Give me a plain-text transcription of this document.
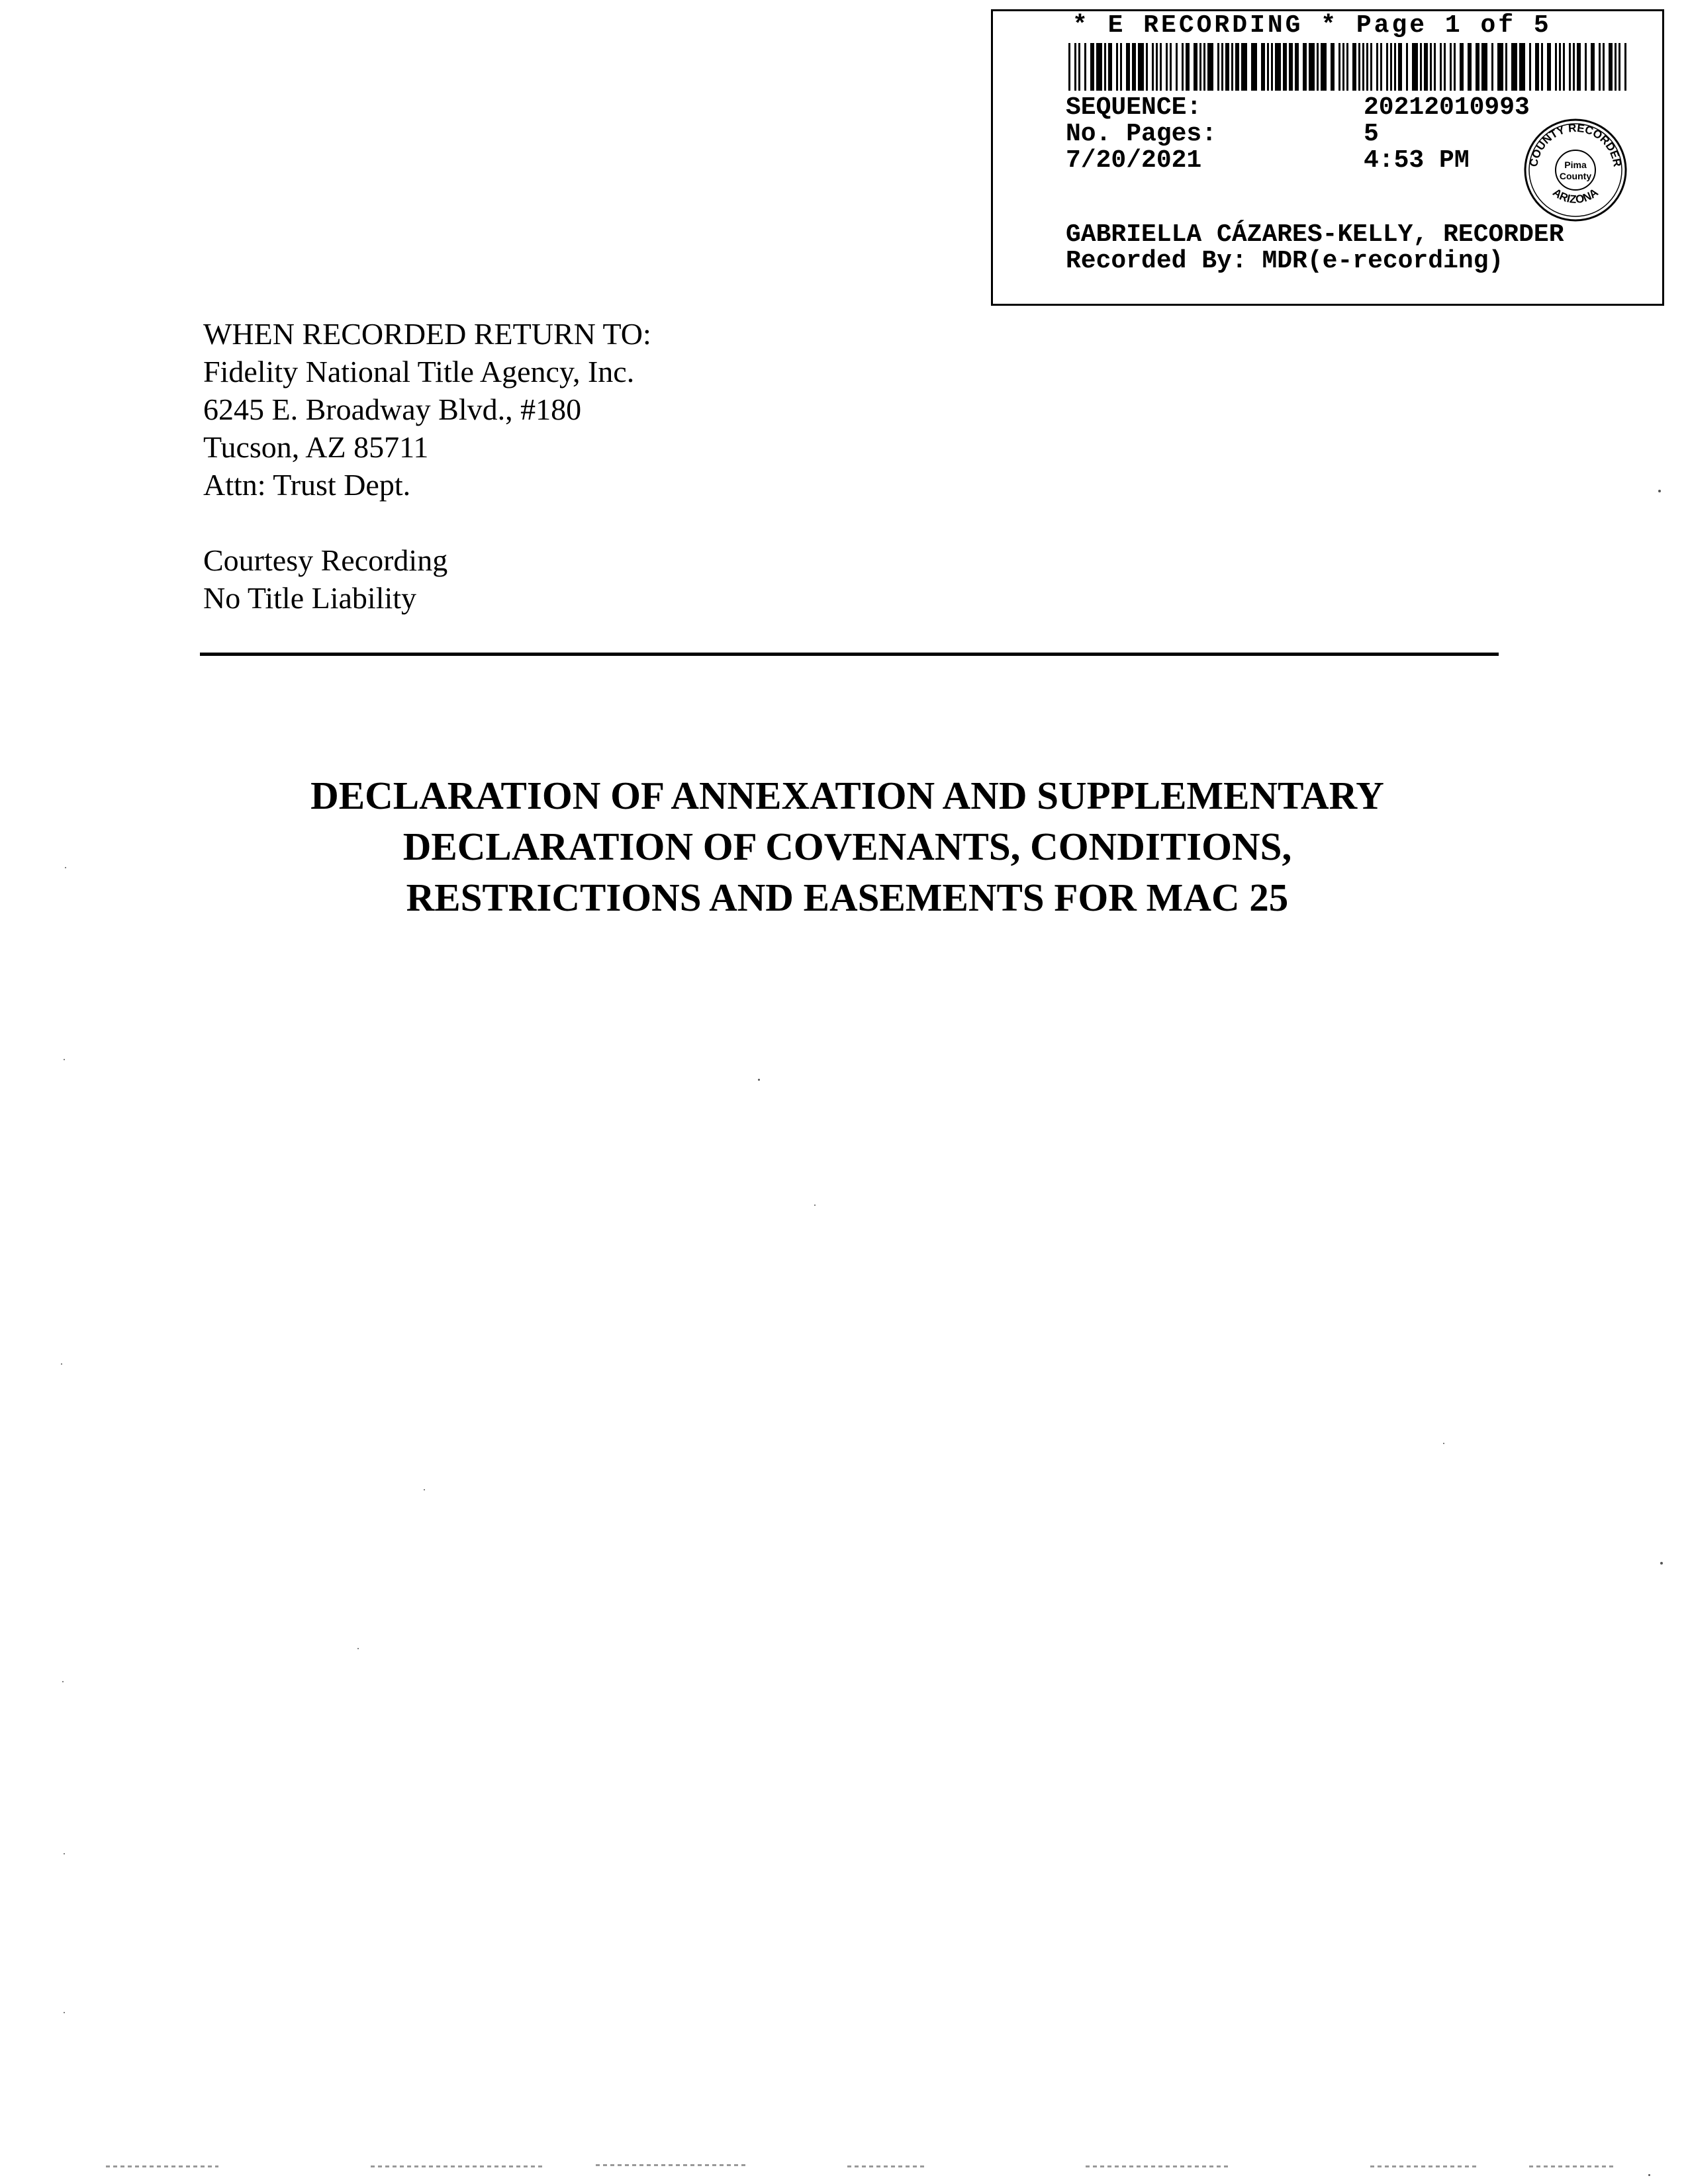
* E RECORDING * Page 1 of 5
SEQUENCE:	20212010993
No. Pages:	5
7/20/2021	4:53 PM	COUNTY RECORDER
ARIZONA
Pima
County
GABRIELLA CÁZARES-KELLY, RECORDER
Recorded By: MDR(e-recording)
WHEN RECORDED RETURN TO:
Fidelity National Title Agency, Inc.
6245 E. Broadway Blvd., #180
Tucson, AZ 85711
Attn: Trust Dept.
Courtesy Recording
No Title Liability
DECLARATION OF ANNEXATION AND SUPPLEMENTARY
DECLARATION OF COVENANTS, CONDITIONS,
RESTRICTIONS AND EASEMENTS FOR MAC 25
